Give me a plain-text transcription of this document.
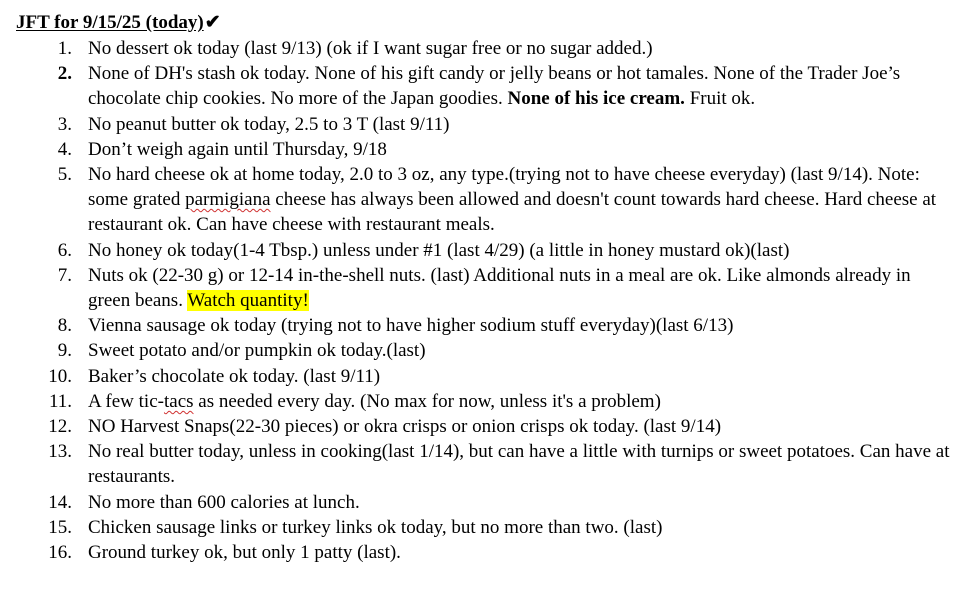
JFT for 9/15/25 (today) ✔
1. No dessert ok today (last 9/13) (ok if I want sugar free or no sugar added.)
2. None of DH's stash ok today. None of his gift candy or jelly beans or hot tamales. None of the Trader Joe’s chocolate chip cookies. No more of the Japan goodies. None of his ice cream. Fruit ok.
3. No peanut butter ok today, 2.5 to 3 T (last 9/11)
4. Don’t weigh again until Thursday, 9/18
5. No hard cheese ok at home today, 2.0 to 3 oz, any type.(trying not to have cheese everyday) (last 9/14). Note: some grated parmigiana cheese has always been allowed and doesn't count towards hard cheese. Hard cheese at restaurant ok. Can have cheese with restaurant meals.
6. No honey ok today(1-4 Tbsp.) unless under #1 (last 4/29) (a little in honey mustard ok)(last)
7. Nuts ok (22-30 g) or 12-14 in-the-shell nuts. (last) Additional nuts in a meal are ok. Like almonds already in green beans. Watch quantity!
8. Vienna sausage ok today (trying not to have higher sodium stuff everyday)(last 6/13)
9. Sweet potato and/or pumpkin ok today.(last)
10. Baker’s chocolate ok today. (last 9/11)
11. A few tic-tacs as needed every day. (No max for now, unless it's a problem)
12. NO Harvest Snaps(22-30 pieces) or okra crisps or onion crisps ok today. (last 9/14)
13. No real butter today, unless in cooking(last 1/14), but can have a little with turnips or sweet potatoes. Can have at restaurants.
14. No more than 600 calories at lunch.
15. Chicken sausage links or turkey links ok today, but no more than two. (last)
16. Ground turkey ok, but only 1 patty (last).
